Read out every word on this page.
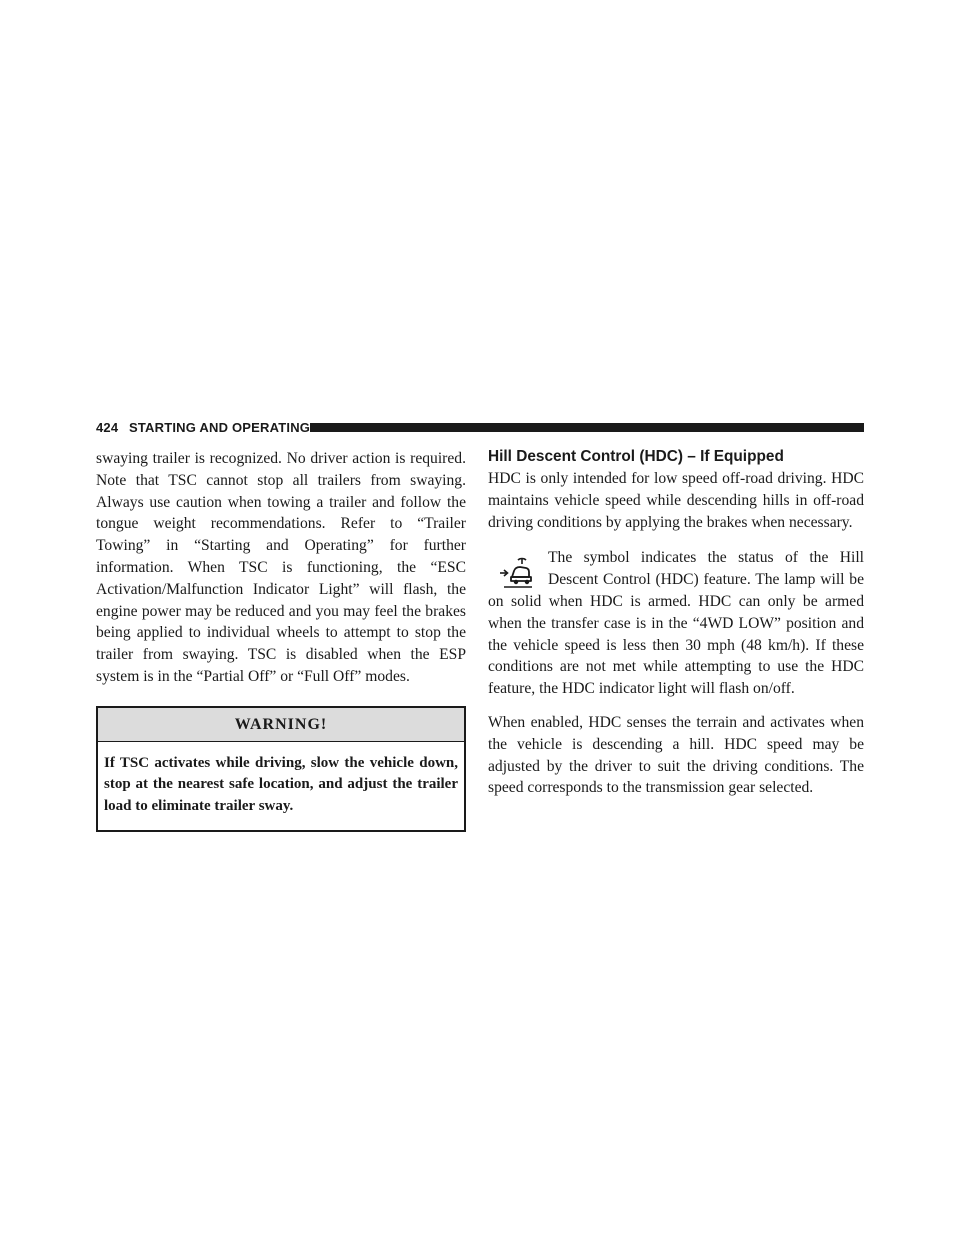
424 STARTING AND OPERATING

swaying trailer is recognized. No driver action is required. Note that TSC cannot stop all trailers from swaying. Always use caution when towing a trailer and follow the tongue weight recommendations. Refer to “Trailer Towing” in “Starting and Operating” for further information. When TSC is functioning, the “ESC Activation/Malfunction Indicator Light” will flash, the engine power may be reduced and you may feel the brakes being applied to individual wheels to attempt to stop the trailer from swaying. TSC is disabled when the ESP system is in the “Partial Off” or “Full Off” modes.

WARNING!
If TSC activates while driving, slow the vehicle down, stop at the nearest safe location, and adjust the trailer load to eliminate trailer sway.
Hill Descent Control (HDC) – If Equipped

HDC is only intended for low speed off-road driving. HDC maintains vehicle speed while descending hills in off-road driving conditions by applying the brakes when necessary.

The symbol indicates the status of the Hill Descent Control (HDC) feature. The lamp will be on solid when HDC is armed. HDC can only be armed when the transfer case is in the “4WD LOW” position and the vehicle speed is less then 30 mph (48 km/h). If these conditions are not met while attempting to use the HDC feature, the HDC indicator light will flash on/off.

When enabled, HDC senses the terrain and activates when the vehicle is descending a hill. HDC speed may be adjusted by the driver to suit the driving conditions. The speed corresponds to the transmission gear selected.
